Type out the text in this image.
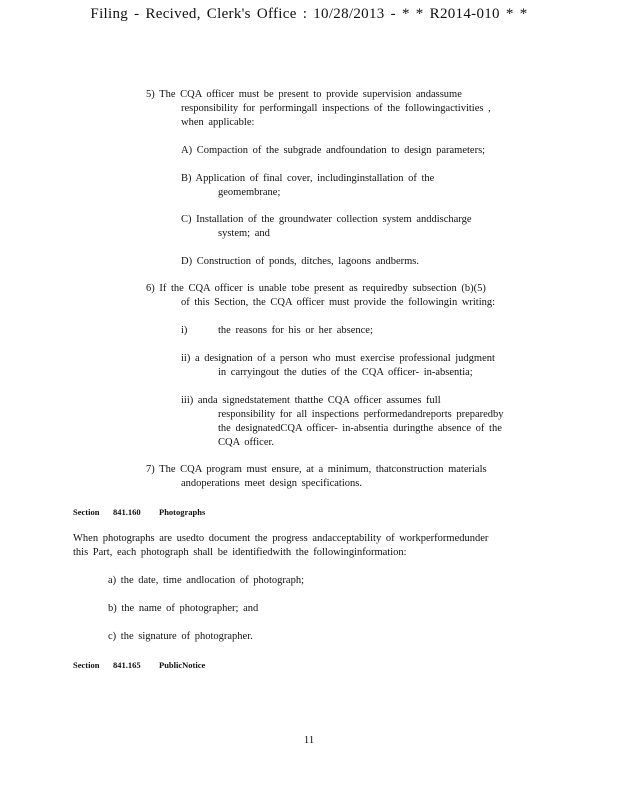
Filing - Recived, Clerk's Office : 10/28/2013 - * * R2014-010 * *
5) The CQA officer must be present to provide supervision andassume
responsibility for performingall inspections of the followingactivities ,
when applicable:
A) Compaction of the subgrade andfoundation to design parameters;
B) Application of final cover, includinginstallation of the
geomembrane;
C) Installation of the groundwater collection system anddischarge
system; and
D) Construction of ponds, ditches, lagoons andberms.
6) If the CQA officer is unable tobe present as requiredby subsection (b)(5)
of this Section, the CQA officer must provide the followingin writing:
i)	the reasons for his or her absence;
ii) a designation of a person who must exercise professional judgment
in carryingout the duties of the CQA officer- in-absentia;
iii) anda signedstatement thatthe CQA officer assumes full
responsibility for all inspections performedandreports preparedby
the designatedCQA officer- in-absentia duringthe absence of the
CQA officer.
7) The CQA program must ensure, at a minimum, thatconstruction materials
andoperations meet design specifications.
Section 841.160 Photographs
When photographs are usedto document the progress andacceptability of workperformedunder
this Part, each photograph shall be identifiedwith the followinginformation:
a) the date, time andlocation of photograph;
b) the name of photographer; and
c) the signature of photographer.
Section 841.165 PublicNotice
11
